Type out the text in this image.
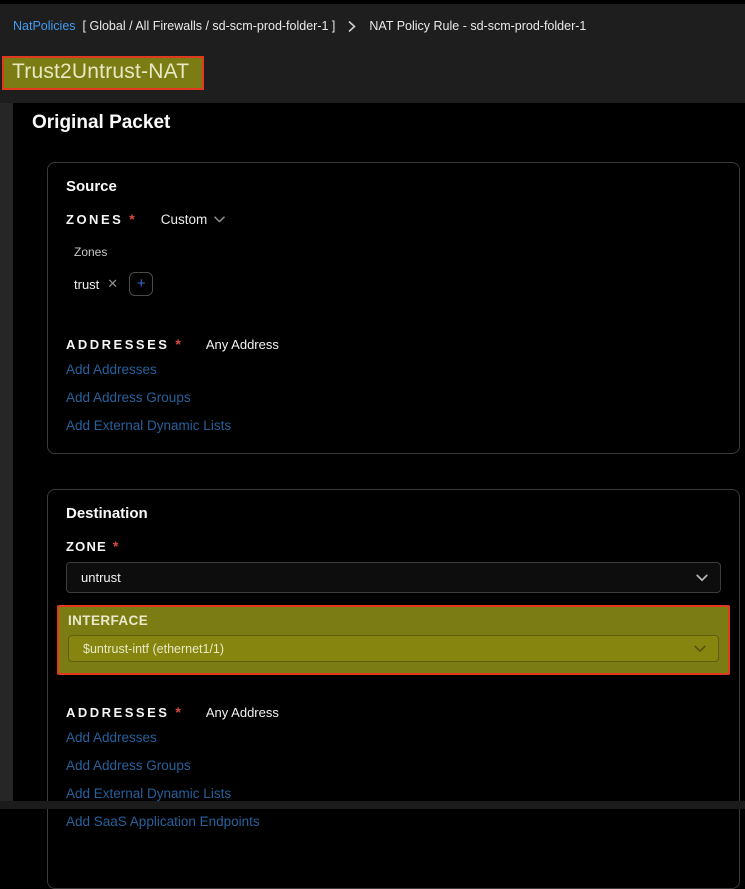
NatPolicies [ Global / All Firewalls / sd-scm-prod-folder-1 ]	NAT Policy Rule - sd-scm-prod-folder-1
Trust2Untrust-NAT
Original Packet
Source
ZONES * Custom
Zones
trust ✕	+
ADDRESSES * Any Address
Add Addresses
Add Address Groups
Add External Dynamic Lists
Destination
ZONE *
untrust
INTERFACE
$untrust-intf (ethernet1/1)
ADDRESSES * Any Address
Add Addresses
Add Address Groups
Add External Dynamic Lists
Add SaaS Application Endpoints
